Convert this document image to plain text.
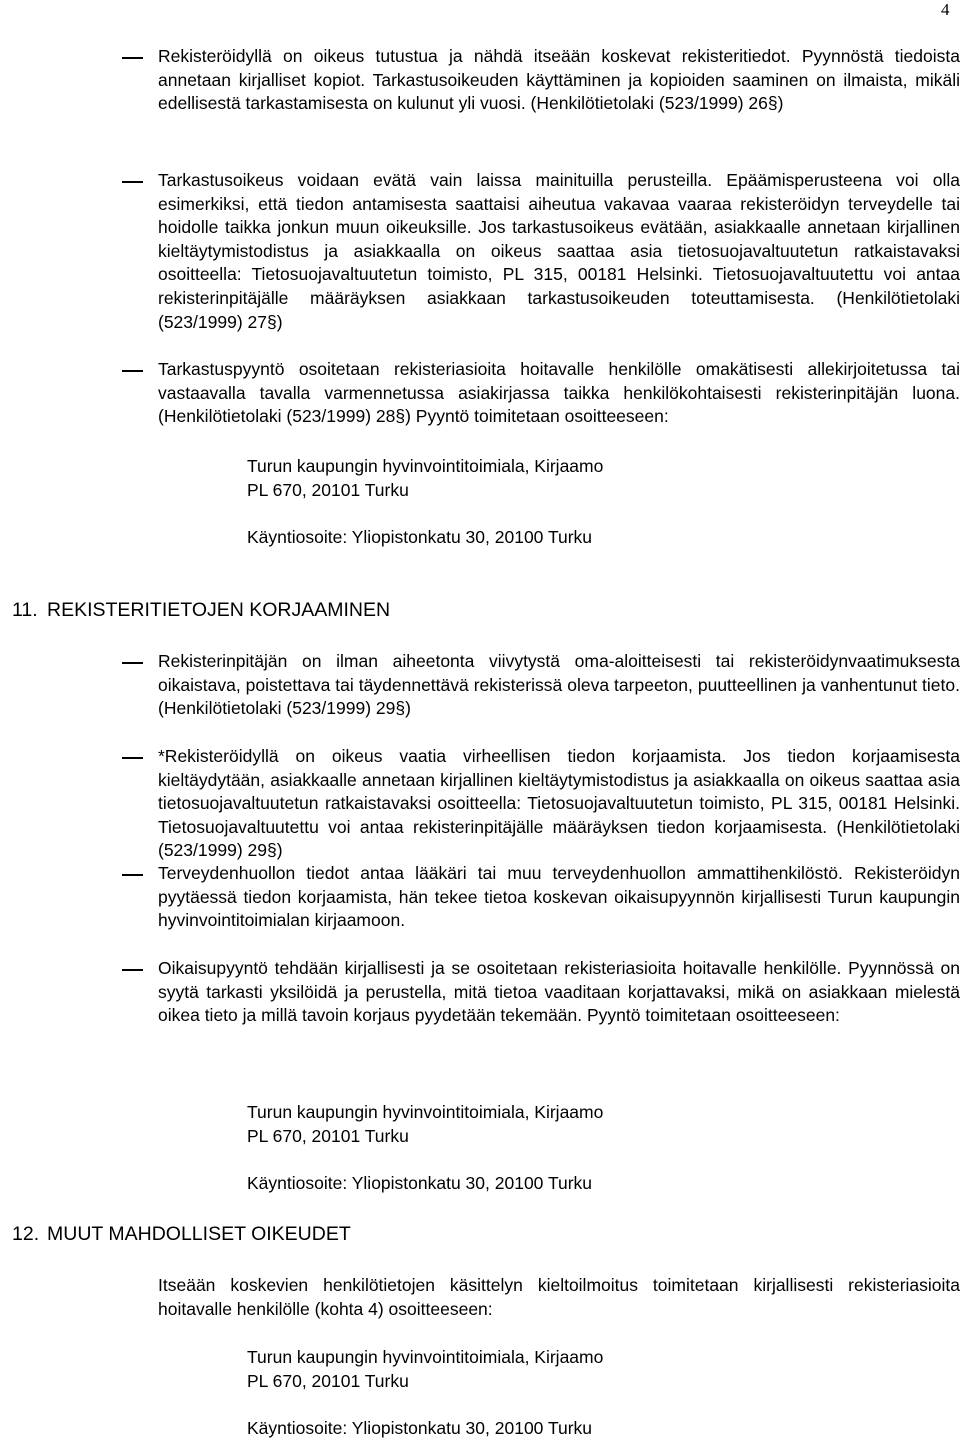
4
Rekisteröidyllä on oikeus tutustua ja nähdä itseään koskevat rekisteritiedot. Pyynnöstä tiedoista annetaan kirjalliset kopiot. Tarkastusoikeuden käyttäminen ja kopioiden saaminen on ilmaista, mikäli edellisestä tarkastamisesta on kulunut yli vuosi. (Henkilötietolaki (523/1999) 26§)
Tarkastusoikeus voidaan evätä vain laissa mainituilla perusteilla. Epäämisperusteena voi olla esimerkiksi, että tiedon antamisesta saattaisi aiheutua vakavaa vaaraa rekisteröidyn terveydelle tai hoidolle taikka jonkun muun oikeuksille. Jos tarkastusoikeus evätään, asiakkaalle annetaan kirjallinen kieltäytymistodistus ja asiakkaalla on oikeus saattaa asia tietosuojavaltuutetun ratkaistavaksi osoitteella: Tietosuojavaltuutetun toimisto, PL 315, 00181 Helsinki. Tietosuojavaltuutettu voi antaa rekisterinpitäjälle määräyksen asiakkaan tarkastusoikeuden toteuttamisesta. (Henkilötietolaki (523/1999) 27§)
Tarkastuspyyntö osoitetaan rekisteriasioita hoitavalle henkilölle omakätisesti allekirjoitetussa tai vastaavalla tavalla varmennetussa asiakirjassa taikka henkilökohtaisesti rekisterinpitäjän luona. (Henkilötietolaki (523/1999) 28§) Pyyntö toimitetaan osoitteeseen:
Turun kaupungin hyvinvointitoimiala, Kirjaamo
PL 670, 20101 Turku
Käyntiosoite: Yliopistonkatu 30, 20100 Turku
11. REKISTERITIETOJEN KORJAAMINEN
Rekisterinpitäjän on ilman aiheetonta viivytystä oma-aloitteisesti tai rekisteröidynvaatimuksesta oikaistava, poistettava tai täydennettävä rekisterissä oleva tarpeeton, puutteellinen ja vanhentunut tieto. (Henkilötietolaki (523/1999) 29§)
*Rekisteröidyllä on oikeus vaatia virheellisen tiedon korjaamista. Jos tiedon korjaamisesta kieltäydytään, asiakkaalle annetaan kirjallinen kieltäytymistodistus ja asiakkaalla on oikeus saattaa asia tietosuojavaltuutetun ratkaistavaksi osoitteella: Tietosuojavaltuutetun toimisto, PL 315, 00181 Helsinki. Tietosuojavaltuutettu voi antaa rekisterinpitäjälle määräyksen tiedon korjaamisesta. (Henkilötietolaki (523/1999) 29§)
Terveydenhuollon tiedot antaa lääkäri tai muu terveydenhuollon ammattihenkilöstö. Rekisteröidyn pyytäessä tiedon korjaamista, hän tekee tietoa koskevan oikaisupyynnön kirjallisesti Turun kaupungin hyvinvointitoimialan kirjaamoon.
Oikaisupyyntö tehdään kirjallisesti ja se osoitetaan rekisteriasioita hoitavalle henkilölle. Pyynnössä on syytä tarkasti yksilöidä ja perustella, mitä tietoa vaaditaan korjattavaksi, mikä on asiakkaan mielestä oikea tieto ja millä tavoin korjaus pyydetään tekemään. Pyyntö toimitetaan osoitteeseen:
Turun kaupungin hyvinvointitoimiala, Kirjaamo
PL 670, 20101 Turku
Käyntiosoite: Yliopistonkatu 30, 20100 Turku
12. MUUT MAHDOLLISET OIKEUDET
Itseään koskevien henkilötietojen käsittelyn kieltoilmoitus toimitetaan kirjallisesti rekisteriasioita hoitavalle henkilölle (kohta 4) osoitteeseen:
Turun kaupungin hyvinvointitoimiala, Kirjaamo
PL 670, 20101 Turku
Käyntiosoite: Yliopistonkatu 30, 20100 Turku
